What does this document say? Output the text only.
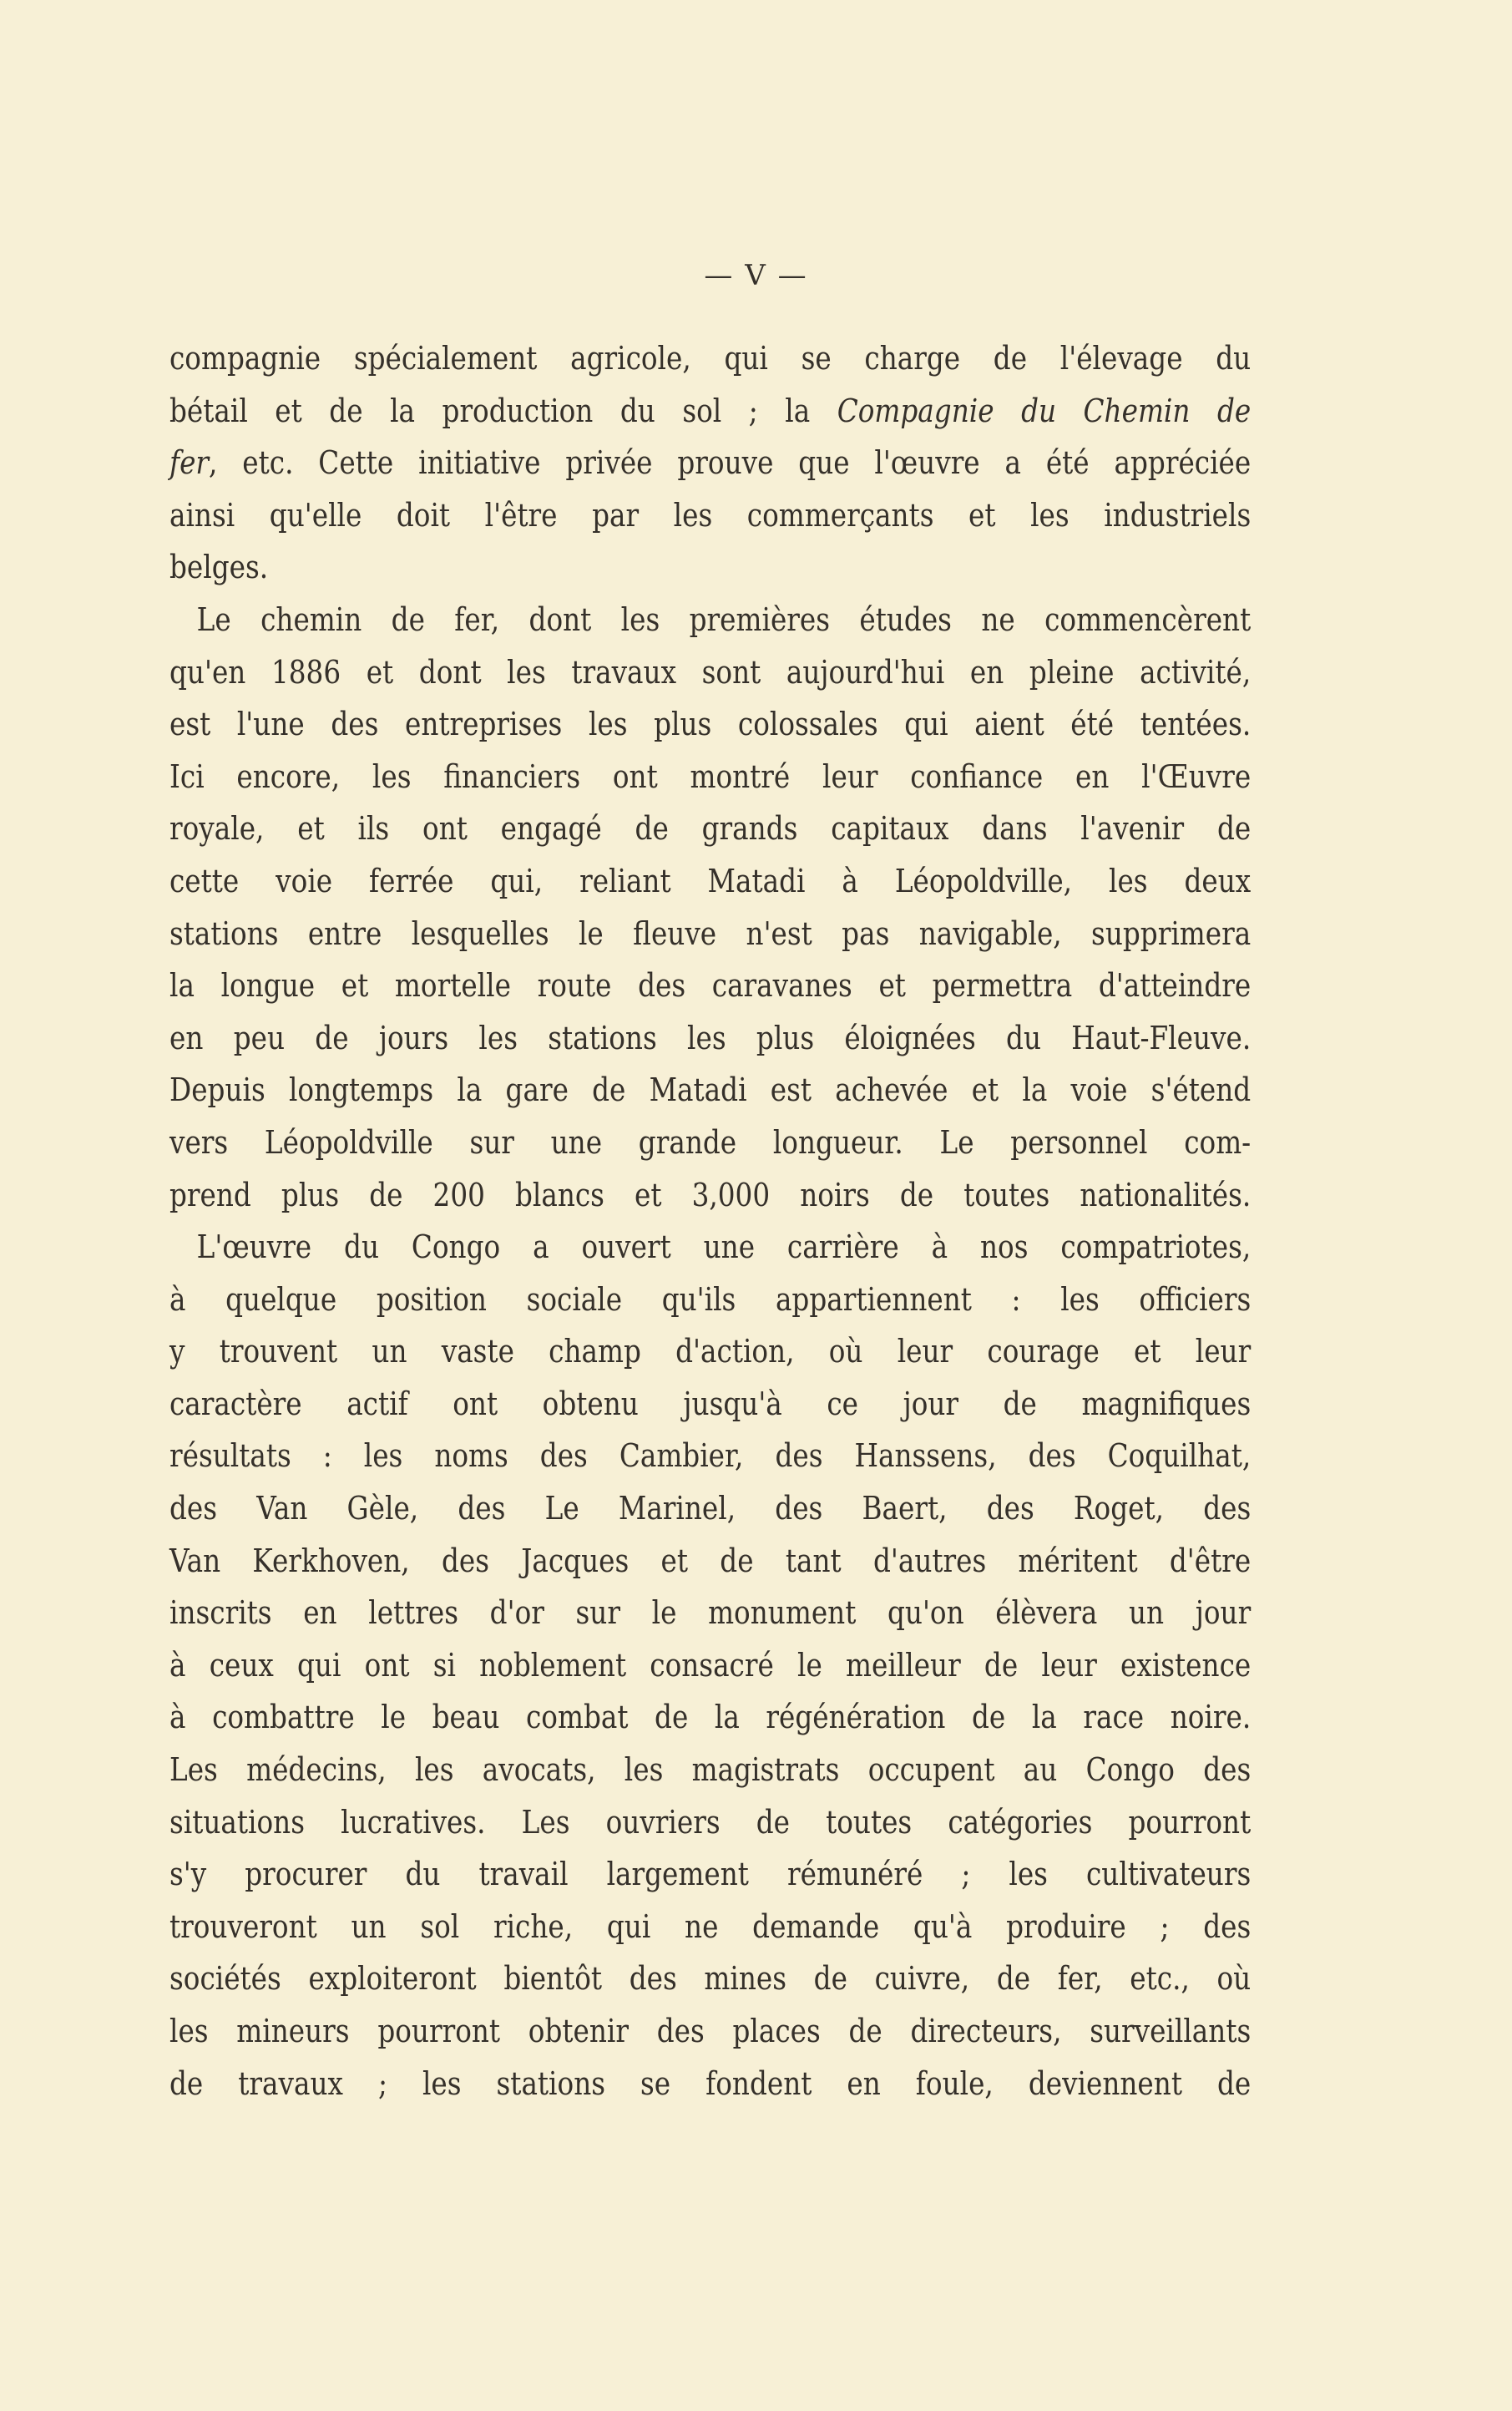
— V —
compagnie spécialement agricole, qui se charge de l'élevage du
bétail et de la production du sol ; la Compagnie du Chemin de
fer, etc. Cette initiative privée prouve que l'œuvre a été appréciée
ainsi qu'elle doit l'être par les commerçants et les industriels
belges.
Le chemin de fer, dont les premières études ne commencèrent
qu'en 1886 et dont les travaux sont aujourd'hui en pleine activité,
est l'une des entreprises les plus colossales qui aient été tentées.
Ici encore, les financiers ont montré leur confiance en l'Œuvre
royale, et ils ont engagé de grands capitaux dans l'avenir de
cette voie ferrée qui, reliant Matadi à Léopoldville, les deux
stations entre lesquelles le fleuve n'est pas navigable, supprimera
la longue et mortelle route des caravanes et permettra d'atteindre
en peu de jours les stations les plus éloignées du Haut-Fleuve.
Depuis longtemps la gare de Matadi est achevée et la voie s'étend
vers Léopoldville sur une grande longueur. Le personnel com-
prend plus de 200 blancs et 3,000 noirs de toutes nationalités.
L'œuvre du Congo a ouvert une carrière à nos compatriotes,
à quelque position sociale qu'ils appartiennent : les officiers
y trouvent un vaste champ d'action, où leur courage et leur
caractère actif ont obtenu jusqu'à ce jour de magnifiques
résultats : les noms des Cambier, des Hanssens, des Coquilhat,
des Van Gèle, des Le Marinel, des Baert, des Roget, des
Van Kerkhoven, des Jacques et de tant d'autres méritent d'être
inscrits en lettres d'or sur le monument qu'on élèvera un jour
à ceux qui ont si noblement consacré le meilleur de leur existence
à combattre le beau combat de la régénération de la race noire.
Les médecins, les avocats, les magistrats occupent au Congo des
situations lucratives. Les ouvriers de toutes catégories pourront
s'y procurer du travail largement rémunéré ; les cultivateurs
trouveront un sol riche, qui ne demande qu'à produire ; des
sociétés exploiteront bientôt des mines de cuivre, de fer, etc., où
les mineurs pourront obtenir des places de directeurs, surveillants
de travaux ; les stations se fondent en foule, deviennent de
